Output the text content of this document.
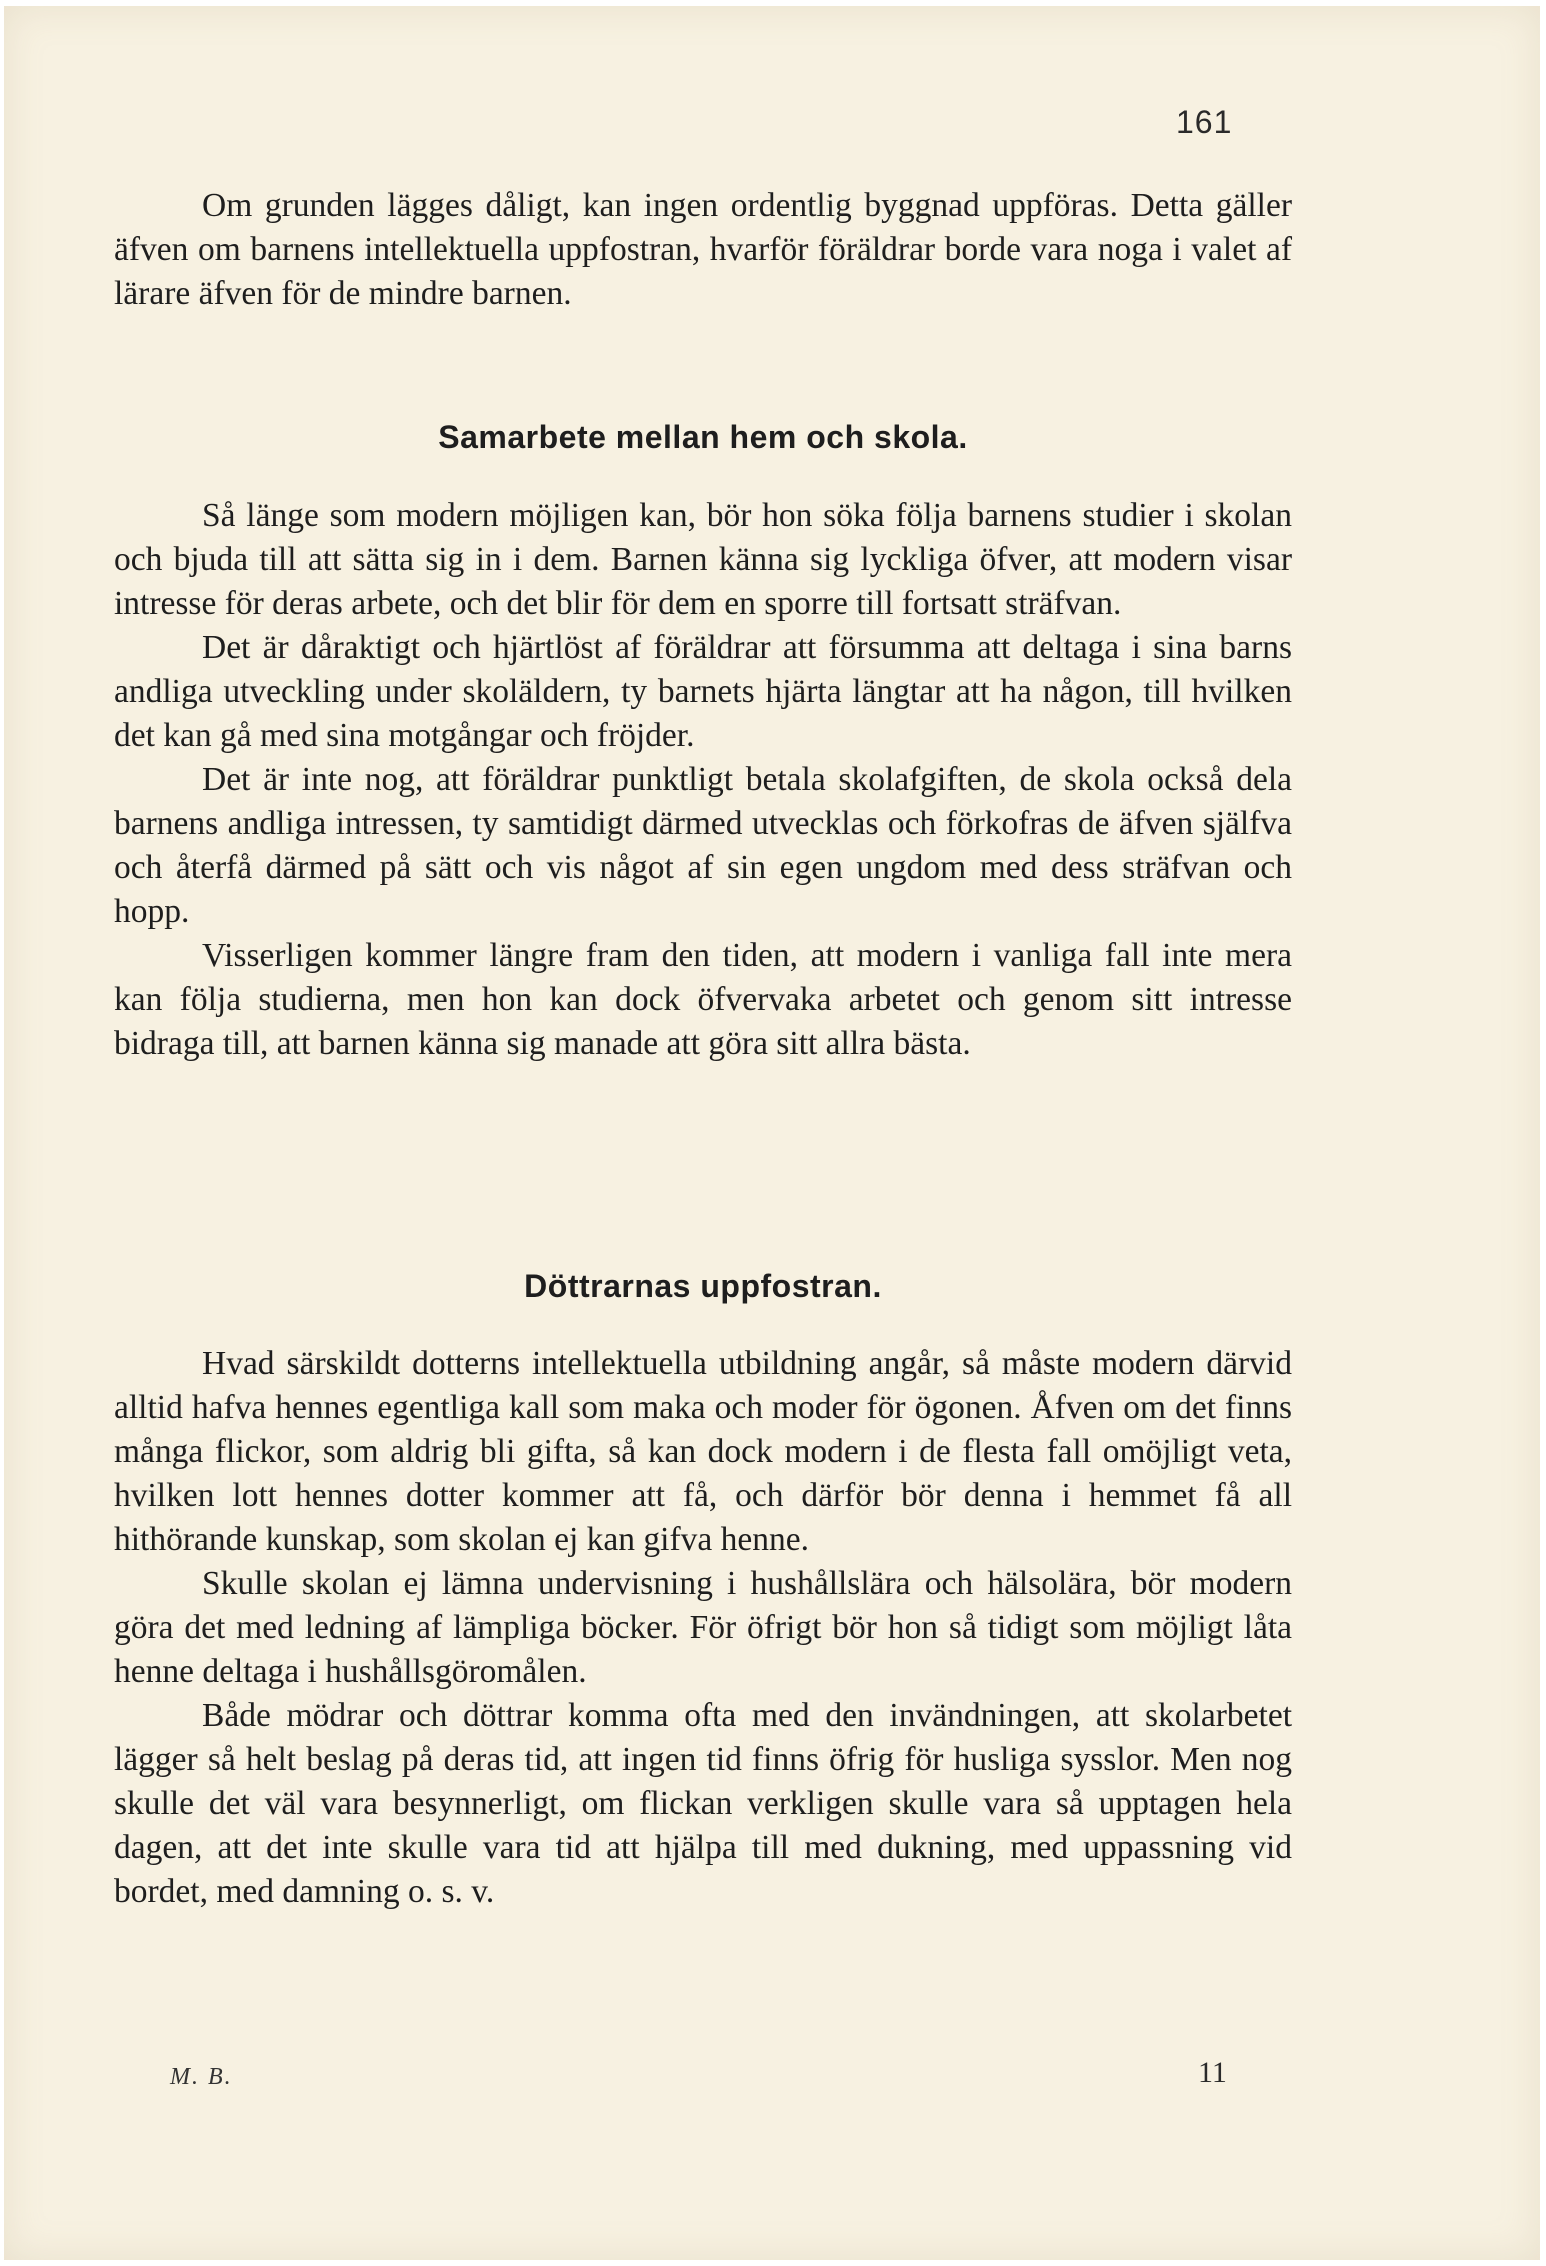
161

Om grunden lägges dåligt, kan ingen ordentlig byggnad uppföras. Detta gäller äfven om barnens intellektuella uppfostran, hvarför föräldrar borde vara noga i valet af lärare äfven för de mindre barnen.

Samarbete mellan hem och skola.

Så länge som modern möjligen kan, bör hon söka följa barnens studier i skolan och bjuda till att sätta sig in i dem. Barnen känna sig lyckliga öfver, att modern visar intresse för deras arbete, och det blir för dem en sporre till fortsatt sträfvan.

Det är dåraktigt och hjärtlöst af föräldrar att försumma att deltaga i sina barns andliga utveckling under skoläldern, ty barnets hjärta längtar att ha någon, till hvilken det kan gå med sina motgångar och fröjder.

Det är inte nog, att föräldrar punktligt betala skolafgiften, de skola också dela barnens andliga intressen, ty samtidigt därmed utvecklas och förkofras de äfven själfva och återfå därmed på sätt och vis något af sin egen ungdom med dess sträfvan och hopp.

Visserligen kommer längre fram den tiden, att modern i vanliga fall inte mera kan följa studierna, men hon kan dock öfvervaka arbetet och genom sitt intresse bidraga till, att barnen känna sig manade att göra sitt allra bästa.

Döttrarnas uppfostran.

Hvad särskildt dotterns intellektuella utbildning angår, så måste modern därvid alltid hafva hennes egentliga kall som maka och moder för ögonen. Åfven om det finns många flickor, som aldrig bli gifta, så kan dock modern i de flesta fall omöjligt veta, hvilken lott hennes dotter kommer att få, och därför bör denna i hemmet få all hithörande kunskap, som skolan ej kan gifva henne.

Skulle skolan ej lämna undervisning i hushållslära och hälsolära, bör modern göra det med ledning af lämpliga böcker. För öfrigt bör hon så tidigt som möjligt låta henne deltaga i hushållsgöromålen.

Både mödrar och döttrar komma ofta med den invändningen, att skolarbetet lägger så helt beslag på deras tid, att ingen tid finns öfrig för husliga sysslor. Men nog skulle det väl vara besynnerligt, om flickan verkligen skulle vara så upptagen hela dagen, att det inte skulle vara tid att hjälpa till med dukning, med uppassning vid bordet, med damning o. s. v.

M. B.	11
